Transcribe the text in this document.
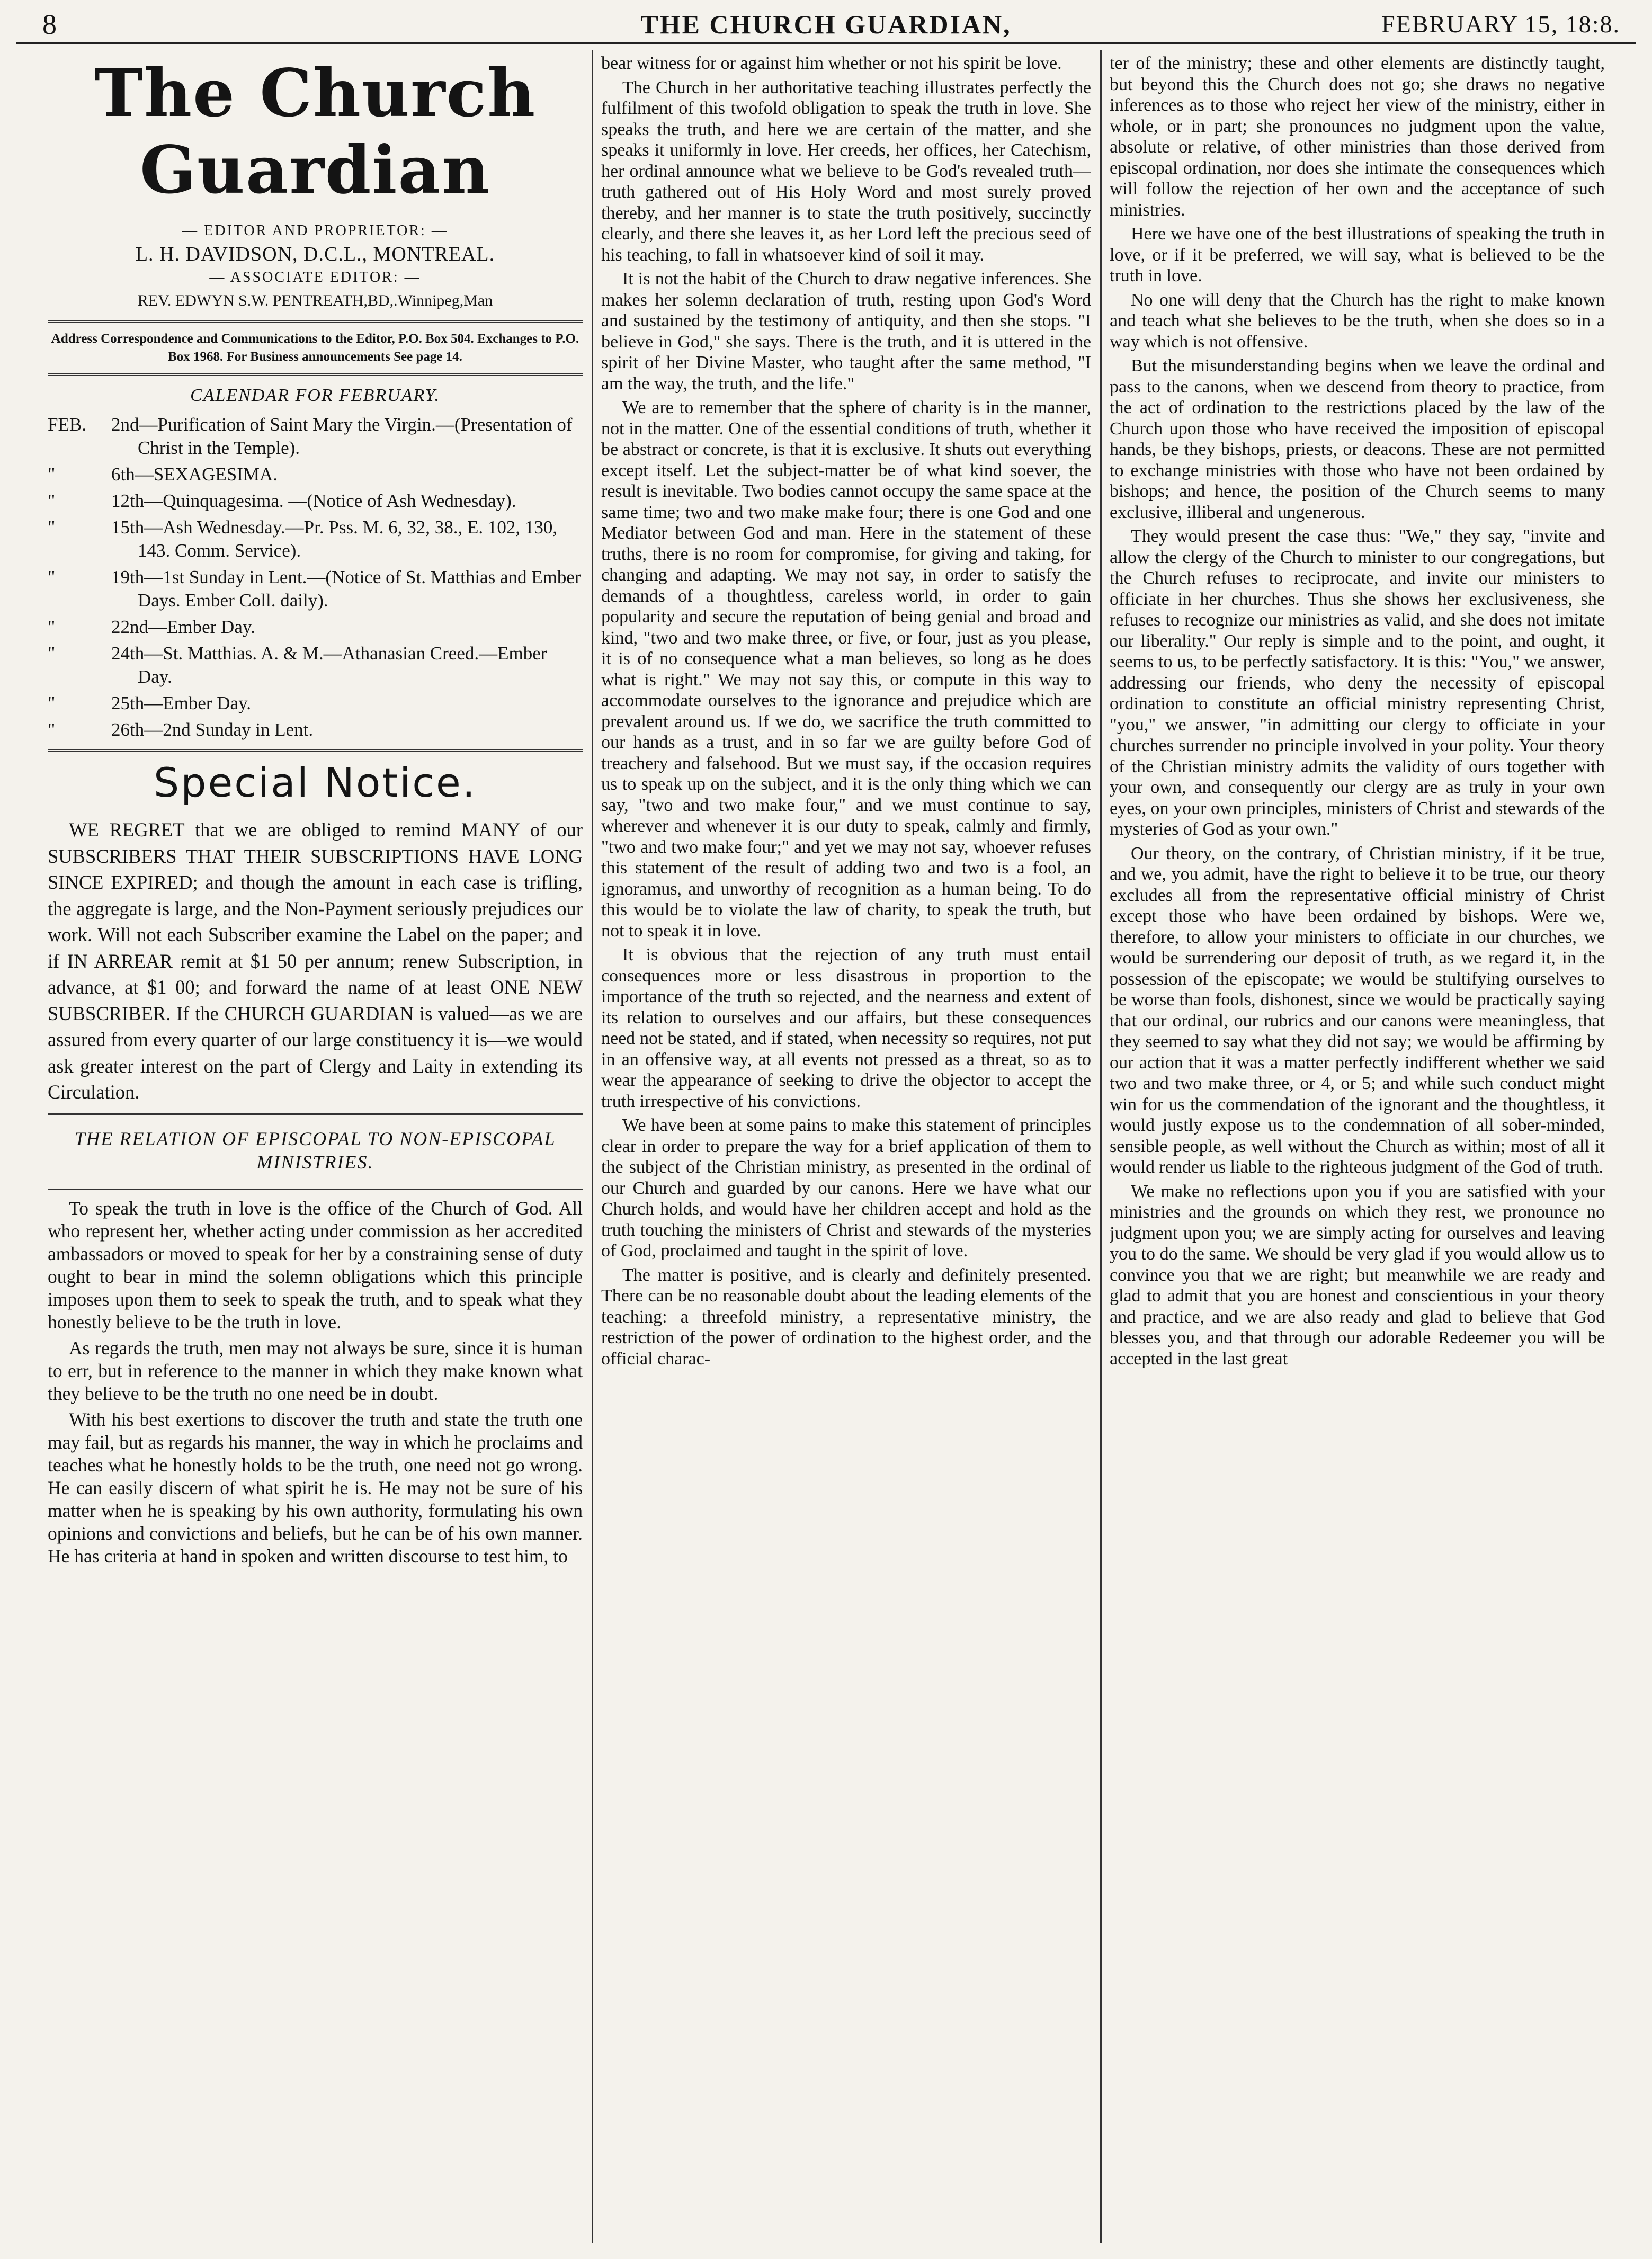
8	THE CHURCH GUARDIAN,	FEBRUARY 15, 18:8.
The Church Guardian
— EDITOR AND PROPRIETOR: —
L. H. DAVIDSON, D.C.L., MONTREAL.
— ASSOCIATE EDITOR: —
REV. EDWYN S.W. PENTREATH,BD,.Winnipeg,Man
Address Correspondence and Communications to the Editor, P.O. Box 504. Exchanges to P.O. Box 1968. For Business announcements See page 14.
CALENDAR FOR FEBRUARY.
FEB.	2nd—Purification of Saint Mary the Virgin.—(Presentation of Christ in the Temple).
"	6th—SEXAGESIMA.
"	12th—Quinquagesima. —(Notice of Ash Wednesday).
"	15th—Ash Wednesday.—Pr. Pss. M. 6, 32, 38., E. 102, 130, 143. Comm. Service).
"	19th—1st Sunday in Lent.—(Notice of St. Matthias and Ember Days. Ember Coll. daily).
"	22nd—Ember Day.
"	24th—St. Matthias. A. & M.—Athanasian Creed.—Ember Day.
"	25th—Ember Day.
"	26th—2nd Sunday in Lent.
Special Notice.
WE REGRET that we are obliged to remind MANY of our SUBSCRIBERS THAT THEIR SUBSCRIPTIONS HAVE LONG SINCE EXPIRED; and though the amount in each case is trifling, the aggregate is large, and the Non-Payment seriously prejudices our work. Will not each Subscriber examine the Label on the paper; and if IN ARREAR remit at $1 50 per annum; renew Subscription, in advance, at $1 00; and forward the name of at least ONE NEW SUBSCRIBER. If the CHURCH GUARDIAN is valued—as we are assured from every quarter of our large constituency it is—we would ask greater interest on the part of Clergy and Laity in extending its Circulation.
THE RELATION OF EPISCOPAL TO NON-EPISCOPAL MINISTRIES.

To speak the truth in love is the office of the Church of God. All who represent her, whether acting under commission as her accredited ambassadors or moved to speak for her by a constraining sense of duty ought to bear in mind the solemn obligations which this principle imposes upon them to seek to speak the truth, and to speak what they honestly believe to be the truth in love.

As regards the truth, men may not always be sure, since it is human to err, but in reference to the manner in which they make known what they believe to be the truth no one need be in doubt.

With his best exertions to discover the truth and state the truth one may fail, but as regards his manner, the way in which he proclaims and teaches what he honestly holds to be the truth, one need not go wrong. He can easily discern of what spirit he is. He may not be sure of his matter when he is speaking by his own authority, formulating his own opinions and convictions and beliefs, but he can be of his own manner. He has criteria at hand in spoken and written discourse to test him, to

bear witness for or against him whether or not his spirit be love.

The Church in her authoritative teaching illustrates perfectly the fulfilment of this twofold obligation to speak the truth in love. She speaks the truth, and here we are certain of the matter, and she speaks it uniformly in love. Her creeds, her offices, her Catechism, her ordinal announce what we believe to be God's revealed truth—truth gathered out of His Holy Word and most surely proved thereby, and her manner is to state the truth positively, succinctly clearly, and there she leaves it, as her Lord left the precious seed of his teaching, to fall in whatsoever kind of soil it may.

It is not the habit of the Church to draw negative inferences. She makes her solemn declaration of truth, resting upon God's Word and sustained by the testimony of antiquity, and then she stops. "I believe in God," she says. There is the truth, and it is uttered in the spirit of her Divine Master, who taught after the same method, "I am the way, the truth, and the life."

We are to remember that the sphere of charity is in the manner, not in the matter. One of the essential conditions of truth, whether it be abstract or concrete, is that it is exclusive. It shuts out everything except itself. Let the subject-matter be of what kind soever, the result is inevitable. Two bodies cannot occupy the same space at the same time; two and two make make four; there is one God and one Mediator between God and man. Here in the statement of these truths, there is no room for compromise, for giving and taking, for changing and adapting. We may not say, in order to satisfy the demands of a thoughtless, careless world, in order to gain popularity and secure the reputation of being genial and broad and kind, "two and two make three, or five, or four, just as you please, it is of no consequence what a man believes, so long as he does what is right." We may not say this, or compute in this way to accommodate ourselves to the ignorance and prejudice which are prevalent around us. If we do, we sacrifice the truth committed to our hands as a trust, and in so far we are guilty before God of treachery and falsehood. But we must say, if the occasion requires us to speak up on the subject, and it is the only thing which we can say, "two and two make four," and we must continue to say, wherever and whenever it is our duty to speak, calmly and firmly, "two and two make four;" and yet we may not say, whoever refuses this statement of the result of adding two and two is a fool, an ignoramus, and unworthy of recognition as a human being. To do this would be to violate the law of charity, to speak the truth, but not to speak it in love.

It is obvious that the rejection of any truth must entail consequences more or less disastrous in proportion to the importance of the truth so rejected, and the nearness and extent of its relation to ourselves and our affairs, but these consequences need not be stated, and if stated, when necessity so requires, not put in an offensive way, at all events not pressed as a threat, so as to wear the appearance of seeking to drive the objector to accept the truth irrespective of his convictions.

We have been at some pains to make this statement of principles clear in order to prepare the way for a brief application of them to the subject of the Christian ministry, as presented in the ordinal of our Church and guarded by our canons. Here we have what our Church holds, and would have her children accept and hold as the truth touching the ministers of Christ and stewards of the mysteries of God, proclaimed and taught in the spirit of love.

The matter is positive, and is clearly and definitely presented. There can be no reasonable doubt about the leading elements of the teaching: a threefold ministry, a representative ministry, the restriction of the power of ordination to the highest order, and the official charac-

ter of the ministry; these and other elements are distinctly taught, but beyond this the Church does not go; she draws no negative inferences as to those who reject her view of the ministry, either in whole, or in part; she pronounces no judgment upon the value, absolute or relative, of other ministries than those derived from episcopal ordination, nor does she intimate the consequences which will follow the rejection of her own and the acceptance of such ministries.

Here we have one of the best illustrations of speaking the truth in love, or if it be preferred, we will say, what is believed to be the truth in love.

No one will deny that the Church has the right to make known and teach what she believes to be the truth, when she does so in a way which is not offensive.

But the misunderstanding begins when we leave the ordinal and pass to the canons, when we descend from theory to practice, from the act of ordination to the restrictions placed by the law of the Church upon those who have received the imposition of episcopal hands, be they bishops, priests, or deacons. These are not permitted to exchange ministries with those who have not been ordained by bishops; and hence, the position of the Church seems to many exclusive, illiberal and ungenerous.

They would present the case thus: "We," they say, "invite and allow the clergy of the Church to minister to our congregations, but the Church refuses to reciprocate, and invite our ministers to officiate in her churches. Thus she shows her exclusiveness, she refuses to recognize our ministries as valid, and she does not imitate our liberality." Our reply is simple and to the point, and ought, it seems to us, to be perfectly satisfactory. It is this: "You," we answer, addressing our friends, who deny the necessity of episcopal ordination to constitute an official ministry representing Christ, "you," we answer, "in admitting our clergy to officiate in your churches surrender no principle involved in your polity. Your theory of the Christian ministry admits the validity of ours together with your own, and consequently our clergy are as truly in your own eyes, on your own principles, ministers of Christ and stewards of the mysteries of God as your own."

Our theory, on the contrary, of Christian ministry, if it be true, and we, you admit, have the right to believe it to be true, our theory excludes all from the representative official ministry of Christ except those who have been ordained by bishops. Were we, therefore, to allow your ministers to officiate in our churches, we would be surrendering our deposit of truth, as we regard it, in the possession of the episcopate; we would be stultifying ourselves to be worse than fools, dishonest, since we would be practically saying that our ordinal, our rubrics and our canons were meaningless, that they seemed to say what they did not say; we would be affirming by our action that it was a matter perfectly indifferent whether we said two and two make three, or 4, or 5; and while such conduct might win for us the commendation of the ignorant and the thoughtless, it would justly expose us to the condemnation of all sober-minded, sensible people, as well without the Church as within; most of all it would render us liable to the righteous judgment of the God of truth.

We make no reflections upon you if you are satisfied with your ministries and the grounds on which they rest, we pronounce no judgment upon you; we are simply acting for ourselves and leaving you to do the same. We should be very glad if you would allow us to convince you that we are right; but meanwhile we are ready and glad to admit that you are honest and conscientious in your theory and practice, and we are also ready and glad to believe that God blesses you, and that through our adorable Redeemer you will be accepted in the last great
